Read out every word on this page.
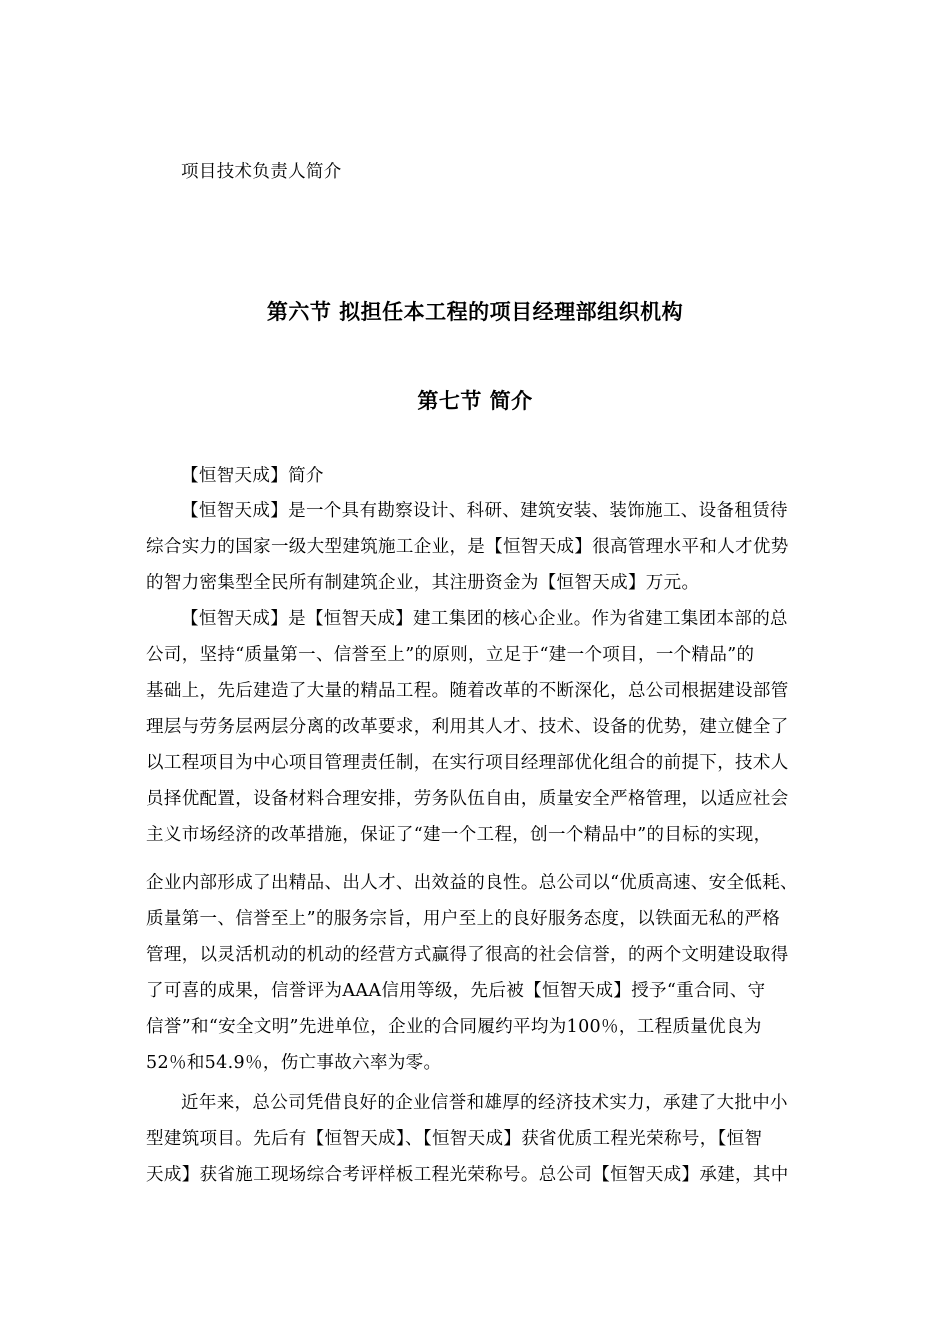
项目技术负责人简介
第六节 拟担任本工程的项目经理部组织机构
第七节 简介
【恒智天成】简介
【恒智天成】是一个具有勘察设计、科研、建筑安装、装饰施工、设备租赁待
综合实力的国家一级大型建筑施工企业，是【恒智天成】很高管理水平和人才优势
的智力密集型全民所有制建筑企业，其注册资金为【恒智天成】万元。
【恒智天成】是【恒智天成】建工集团的核心企业。作为省建工集团本部的总
公司，坚持“质量第一、信誉至上”的原则，立足于“建一个项目，一个精品”的
基础上，先后建造了大量的精品工程。随着改革的不断深化，总公司根据建设部管
理层与劳务层两层分离的改革要求，利用其人才、技术、设备的优势，建立健全了
以工程项目为中心项目管理责任制，在实行项目经理部优化组合的前提下，技术人
员择优配置，设备材料合理安排，劳务队伍自由，质量安全严格管理，以适应社会
主义市场经济的改革措施，保证了“建一个工程，创一个精品中”的目标的实现，
企业内部形成了出精品、出人才、出效益的良性。总公司以“优质高速、安全低耗、
质量第一、信誉至上”的服务宗旨，用户至上的良好服务态度，以铁面无私的严格
管理，以灵活机动的机动的经营方式赢得了很高的社会信誉，的两个文明建设取得
了可喜的成果，信誉评为AAA信用等级，先后被【恒智天成】授予“重合同、守
信誉”和“安全文明”先进单位，企业的合同履约平均为100％，工程质量优良为
52％和54.9％，伤亡事故六率为零。
近年来，总公司凭借良好的企业信誉和雄厚的经济技术实力，承建了大批中小
型建筑项目。先后有【恒智天成】、【恒智天成】获省优质工程光荣称号，【恒智
天成】获省施工现场综合考评样板工程光荣称号。总公司【恒智天成】承建，其中
